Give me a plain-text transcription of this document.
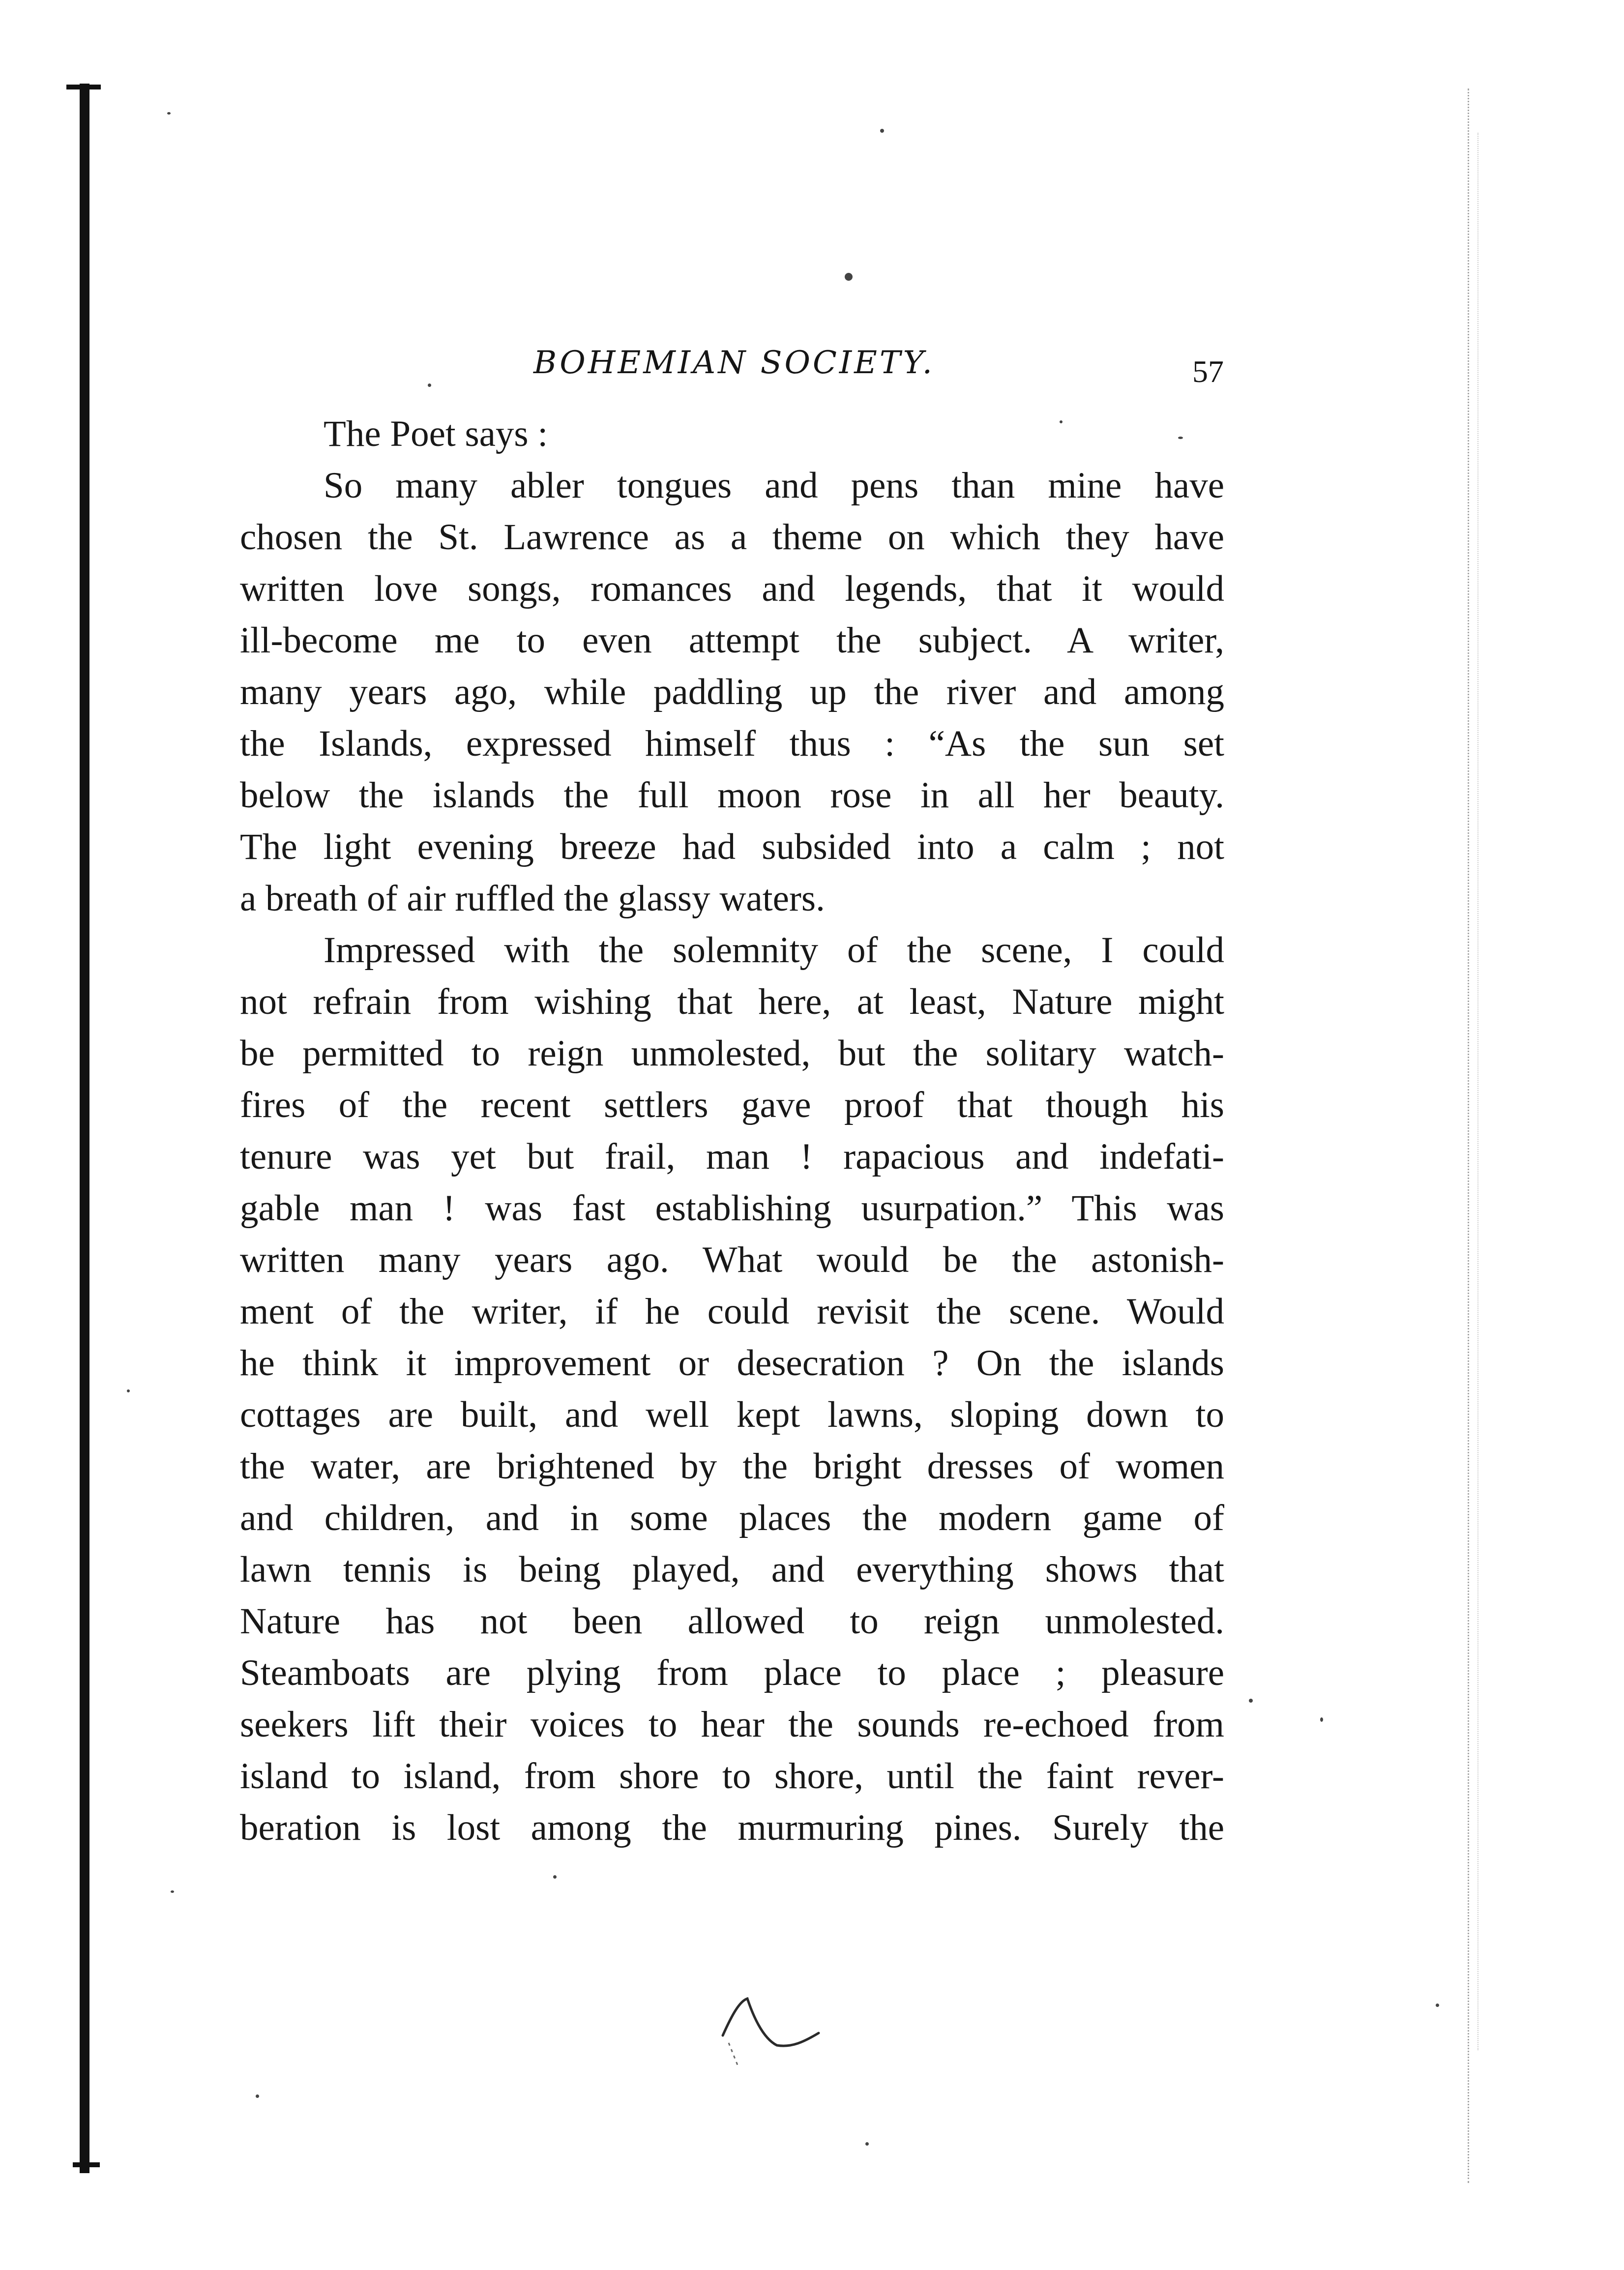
BOHEMIAN SOCIETY.	57
The Poet says :
So many abler tongues and pens than mine have
chosen the St. Lawrence as a theme on which they have
written love songs, romances and legends, that it would
ill-become me to even attempt the subject. A writer,
many years ago, while paddling up the river and among
the Islands, expressed himself thus : “As the sun set
below the islands the full moon rose in all her beauty.
The light evening breeze had subsided into a calm ; not
a breath of air ruffled the glassy waters.
Impressed with the solemnity of the scene, I could
not refrain from wishing that here, at least, Nature might
be permitted to reign unmolested, but the solitary watch-
fires of the recent settlers gave proof that though his
tenure was yet but frail, man ! rapacious and indefati-
gable man ! was fast establishing usurpation.” This was
written many years ago. What would be the astonish-
ment of the writer, if he could revisit the scene. Would
he think it improvement or desecration ? On the islands
cottages are built, and well kept lawns, sloping down to
the water, are brightened by the bright dresses of women
and children, and in some places the modern game of
lawn tennis is being played, and everything shows that
Nature has not been allowed to reign unmolested.
Steamboats are plying from place to place ; pleasure
seekers lift their voices to hear the sounds re-echoed from
island to island, from shore to shore, until the faint rever-
beration is lost among the murmuring pines. Surely the
